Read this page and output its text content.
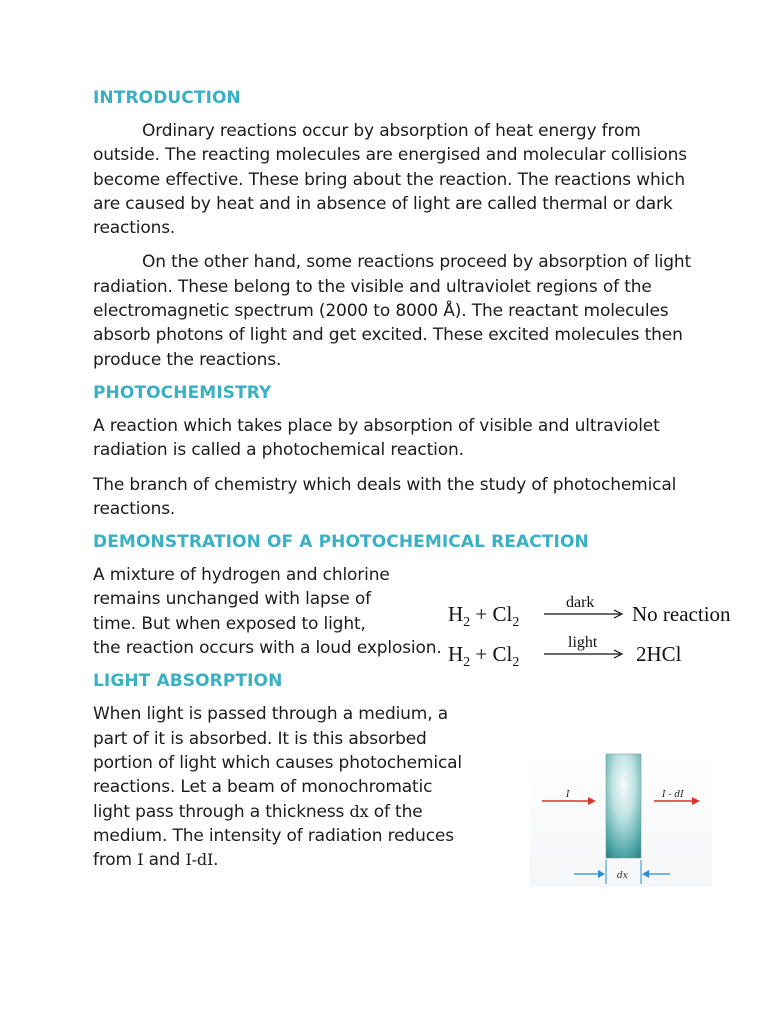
INTRODUCTION

Ordinary reactions occur by absorption of heat energy from outside. The reacting molecules are energised and molecular collisions become effective. These bring about the reaction. The reactions which are caused by heat and in absence of light are called thermal or dark reactions.

On the other hand, some reactions proceed by absorption of light radiation. These belong to the visible and ultraviolet regions of the electromagnetic spectrum (2000 to 8000 Å). The reactant molecules absorb photons of light and get excited. These excited molecules then produce the reactions.

PHOTOCHEMISTRY

A reaction which takes place by absorption of visible and ultraviolet radiation is called a photochemical reaction.

The branch of chemistry which deals with the study of photochemical reactions.

DEMONSTRATION OF A PHOTOCHEMICAL REACTION

A mixture of hydrogen and chlorine

remains unchanged with lapse of

time. But when exposed to light,

the reaction occurs with a loud explosion.

LIGHT ABSORPTION

When light is passed through a medium, a

part of it is absorbed. It is this absorbed

portion of light which causes photochemical

reactions. Let a beam of monochromatic

light pass through a thickness dx of the

medium. The intensity of radiation reduces

from I and I-dI.

$H_2 + Cl_2$
dark → No reaction
$H_2 + Cl_2$
light → 2HCl
I	I - dI
dx
